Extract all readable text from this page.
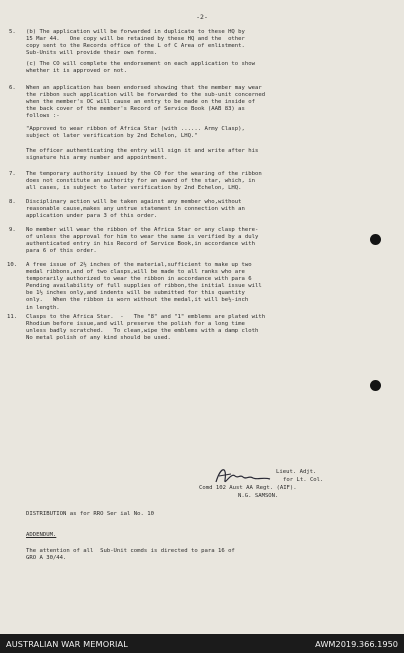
-2-
5. (b) The application will be forwarded in duplicate to these HQ by
15 Mar 44.   One copy will be retained by these HQ and the  other
copy sent to the Records office of the L of C Area of enlistment.
Sub-Units will provide their own forms.
(c) The CO will complete the endorsement on each application to show
whether it is approved or not.
6. When an application has been endorsed showing that the member may wear
the ribbon such application will be forwarded to the sub-unit concerned
when the member's OC will cause an entry to be made on the inside of
the back cover of the member's Record of Service Book (AAB 83) as
follows :-
"Approved to wear ribbon of Africa Star (with ...... Army Clasp),
subject ot later verification by 2nd Echelon, LHQ."
The officer authenticating the entry will sign it and write after his
signature his army number and appointment.
7. The temporary authority issued by the CO for the wearing of the ribbon
does not constitute an authority for an award of the star, which, in
all cases, is subject to later verification by 2nd Echelon, LHQ.
8. Disciplinary action will be taken against any member who,without
reasonable cause,makes any untrue statement in connection with an
application under para 3 of this order.
9. No member will wear the ribbon of the Africa Star or any clasp there-
of unless the approval for him to wear the same is verified by a duly
authenticated entry in his Record of Service Book,in accordance with
para 6 of this order.
10. A free issue of 2½ inches of the material,sufficient to make up two
medal ribbons,and of two clasps,will be made to all ranks who are
temporarily authorized to wear the ribbon in accordance with para 6
Pending availability of full supplies of ribbon,the initial issue will
be 1½ inches only,and indents will be submitted for this quantity
only.   When the ribbon is worn without the medal,it will be½-inch
in length.
11. Clasps to the Africa Star.  -   The "8" and "1" emblems are plated with
Rhodium before issue,and will preserve the polish for a long time
unless badly scratched.   To clean,wipe the emblems with a damp cloth
No metal polish of any kind should be used.
Lieut. Adjt.
for Lt. Col.
Comd 102 Aust AA Regt. (AIF).
N.G. SAMSON.
DISTRIBUTION as for RRO Ser ial No. 10
ADDENDUM.
The attention of all  Sub-Unit comds is directed to para 16 of
GRO A 30/44.
AUSTRALIAN WAR MEMORIAL	AWM2019.366.1950
